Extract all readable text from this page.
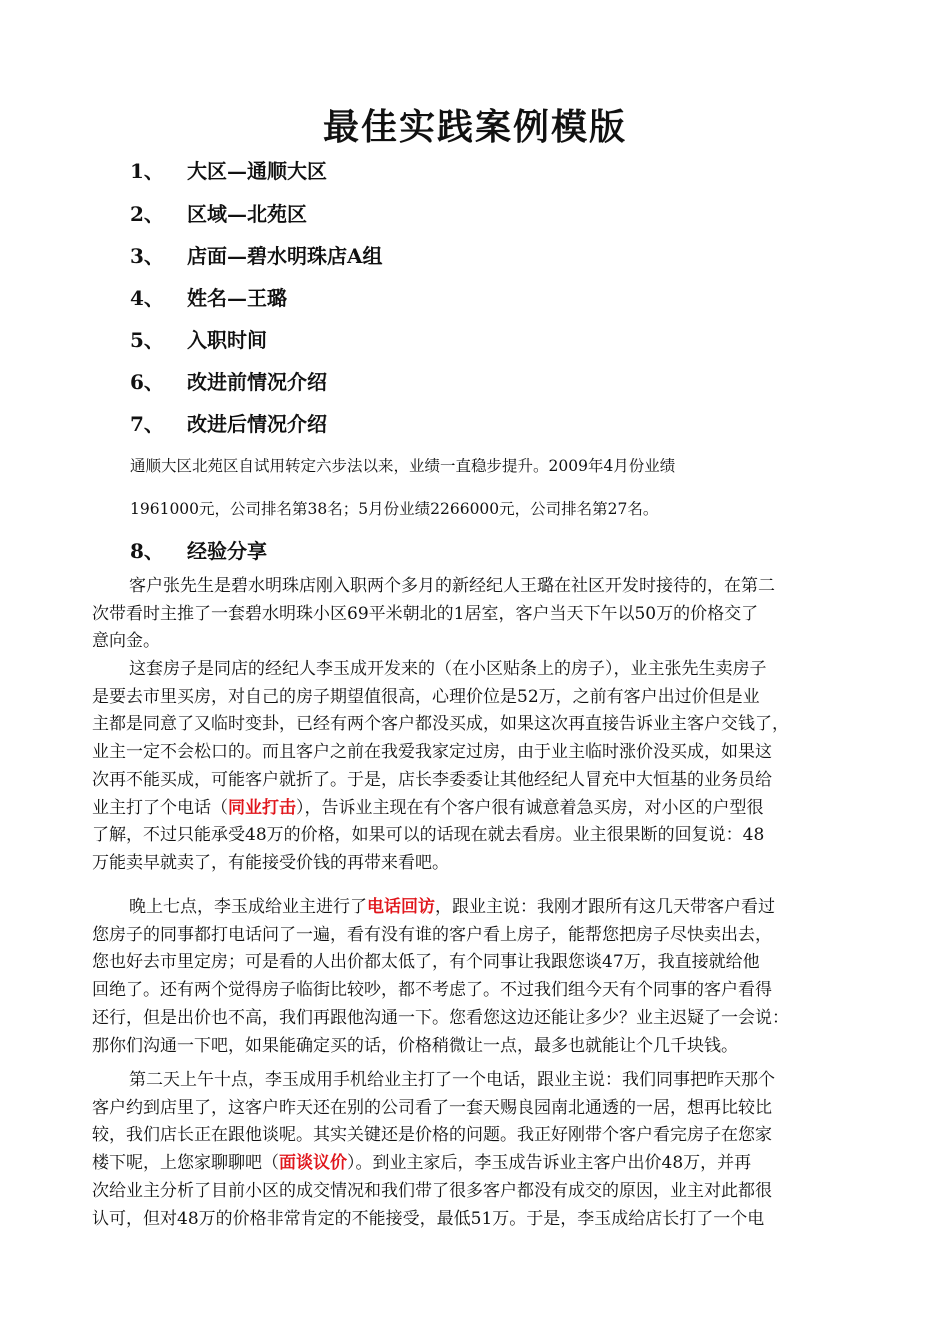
最佳实践案例模版
1、 大区—通顺大区
2、 区域—北苑区
3、 店面—碧水明珠店A组
4、 姓名—王璐
5、 入职时间
6、 改进前情况介绍
7、 改进后情况介绍
通顺大区北苑区自试用转定六步法以来，业绩一直稳步提升。2009年4月份业绩
1961000元，公司排名第38名；5月份业绩2266000元，公司排名第27名。
8、 经验分享
客户张先生是碧水明珠店刚入职两个多月的新经纪人王璐在社区开发时接待的，在第二
次带看时主推了一套碧水明珠小区69平米朝北的1居室，客户当天下午以50万的价格交了
意向金。
这套房子是同店的经纪人李玉成开发来的（在小区贴条上的房子），业主张先生卖房子
是要去市里买房，对自己的房子期望值很高，心理价位是52万，之前有客户出过价但是业
主都是同意了又临时变卦，已经有两个客户都没买成，如果这次再直接告诉业主客户交钱了，
业主一定不会松口的。而且客户之前在我爱我家定过房，由于业主临时涨价没买成，如果这
次再不能买成，可能客户就折了。于是，店长李委委让其他经纪人冒充中大恒基的业务员给
业主打了个电话（同业打击），告诉业主现在有个客户很有诚意着急买房，对小区的户型很
了解，不过只能承受48万的价格，如果可以的话现在就去看房。业主很果断的回复说：48
万能卖早就卖了，有能接受价钱的再带来看吧。
晚上七点，李玉成给业主进行了电话回访，跟业主说：我刚才跟所有这几天带客户看过
您房子的同事都打电话问了一遍，看有没有谁的客户看上房子，能帮您把房子尽快卖出去，
您也好去市里定房；可是看的人出价都太低了，有个同事让我跟您谈47万，我直接就给他
回绝了。还有两个觉得房子临街比较吵，都不考虑了。不过我们组今天有个同事的客户看得
还行，但是出价也不高，我们再跟他沟通一下。您看您这边还能让多少？业主迟疑了一会说：
那你们沟通一下吧，如果能确定买的话，价格稍微让一点，最多也就能让个几千块钱。
第二天上午十点，李玉成用手机给业主打了一个电话，跟业主说：我们同事把昨天那个
客户约到店里了，这客户昨天还在别的公司看了一套天赐良园南北通透的一居，想再比较比
较，我们店长正在跟他谈呢。其实关键还是价格的问题。我正好刚带个客户看完房子在您家
楼下呢，上您家聊聊吧（面谈议价）。到业主家后，李玉成告诉业主客户出价48万，并再
次给业主分析了目前小区的成交情况和我们带了很多客户都没有成交的原因，业主对此都很
认可，但对48万的价格非常肯定的不能接受，最低51万。于是，李玉成给店长打了一个电
